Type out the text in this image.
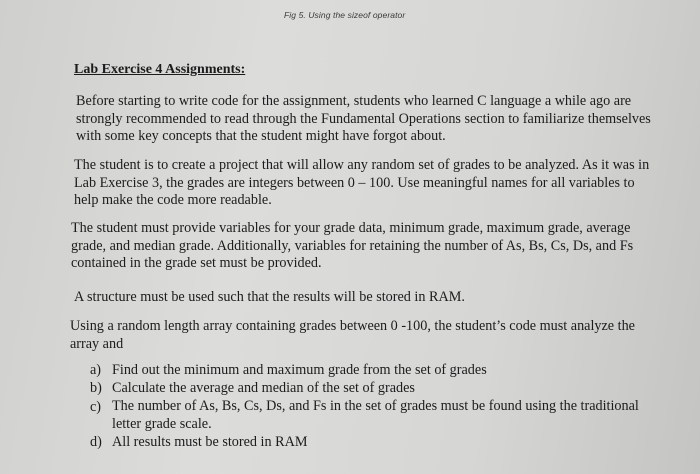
Fig 5. Using the sizeof operator
Lab Exercise 4 Assignments:

Before starting to write code for the assignment, students who learned C language a while ago are strongly recommended to read through the Fundamental Operations section to familiarize themselves with some key concepts that the student might have forgot about.

The student is to create a project that will allow any random set of grades to be analyzed. As it was in Lab Exercise 3, the grades are integers between 0 – 100. Use meaningful names for all variables to help make the code more readable.

The student must provide variables for your grade data, minimum grade, maximum grade, average grade, and median grade. Additionally, variables for retaining the number of As, Bs, Cs, Ds, and Fs contained in the grade set must be provided.

A structure must be used such that the results will be stored in RAM.

Using a random length array containing grades between 0 -100, the student’s code must analyze the array and

a) Find out the minimum and maximum grade from the set of grades
b) Calculate the average and median of the set of grades
c) The number of As, Bs, Cs, Ds, and Fs in the set of grades must be found using the traditional letter grade scale.
d) All results must be stored in RAM
